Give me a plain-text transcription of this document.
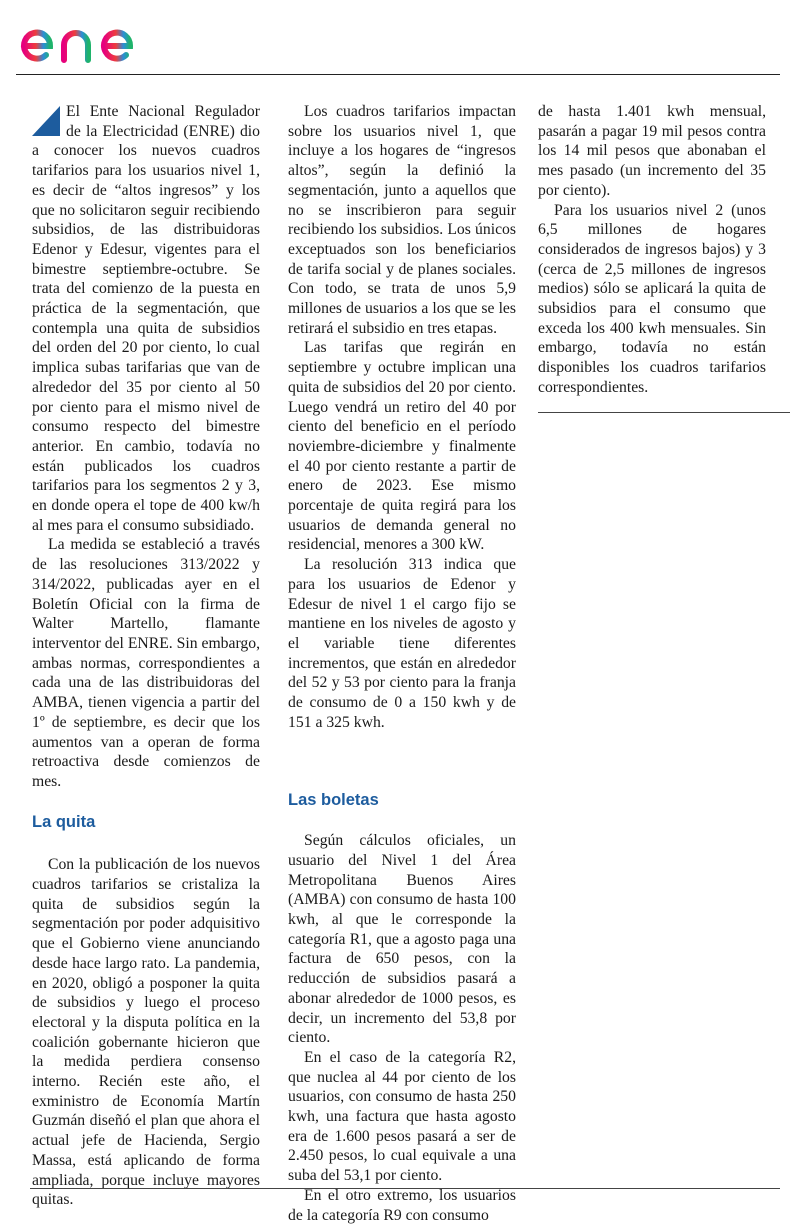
El Ente Nacional Regulador de la Electricidad (ENRE) dio a conocer los nuevos cuadros tarifarios para los usuarios nivel 1, es decir de “altos ingresos” y los que no solicitaron seguir recibiendo subsidios, de las distribuidoras Edenor y Edesur, vigentes para el bimestre septiembre-octubre. Se trata del comienzo de la puesta en práctica de la segmentación, que contempla una quita de subsidios del orden del 20 por ciento, lo cual implica subas tarifarias que van de alrededor del 35 por ciento al 50 por ciento para el mismo nivel de consumo respecto del bimestre anterior. En cambio, todavía no están publicados los cuadros tarifarios para los segmentos 2 y 3, en donde opera el tope de 400 kw/h al mes para el consumo subsidiado.

La medida se estableció a través de las resoluciones 313/2022 y 314/2022, publicadas ayer en el Boletín Oficial con la firma de Walter Martello, flamante interventor del ENRE. Sin embargo, ambas normas, correspondientes a cada una de las distribuidoras del AMBA, tienen vigencia a partir del 1º de septiembre, es decir que los aumentos van a operan de forma retroactiva desde comienzos de mes.

La quita

Con la publicación de los nuevos cuadros tarifarios se cristaliza la quita de subsidios según la segmentación por poder adquisitivo que el Gobierno viene anunciando desde hace largo rato. La pandemia, en 2020, obligó a posponer la quita de subsidios y luego el proceso electoral y la disputa política en la coalición gobernante hicieron que la medida perdiera consenso interno. Recién este año, el exministro de Economía Martín Guzmán diseñó el plan que ahora el actual jefe de Hacienda, Sergio Massa, está aplicando de forma ampliada, porque incluye mayores quitas.

Los cuadros tarifarios impactan sobre los usuarios nivel 1, que incluye a los hogares de “ingresos altos”, según la definió la segmentación, junto a aquellos que no se inscribieron para seguir recibiendo los subsidios. Los únicos exceptuados son los beneficiarios de tarifa social y de planes sociales. Con todo, se trata de unos 5,9 millones de usuarios a los que se les retirará el subsidio en tres etapas.

Las tarifas que regirán en septiembre y octubre implican una quita de subsidios del 20 por ciento. Luego vendrá un retiro del 40 por ciento del beneficio en el período noviembre-diciembre y finalmente el 40 por ciento restante a partir de enero de 2023. Ese mismo porcentaje de quita regirá para los usuarios de demanda general no residencial, menores a 300 kW.

La resolución 313 indica que para los usuarios de Edenor y Edesur de nivel 1 el cargo fijo se mantiene en los niveles de agosto y el variable tiene diferentes incrementos, que están en alrededor del 52 y 53 por ciento para la franja de consumo de 0 a 150 kwh y de 151 a 325 kwh.

Las boletas

Según cálculos oficiales, un usuario del Nivel 1 del Área Metropolitana Buenos Aires (AMBA) con consumo de hasta 100 kwh, al que le corresponde la categoría R1, que a agosto paga una factura de 650 pesos, con la reducción de subsidios pasará a abonar alrededor de 1000 pesos, es decir, un incremento del 53,8 por ciento.

En el caso de la categoría R2, que nuclea al 44 por ciento de los usuarios, con consumo de hasta 250 kwh, una factura que hasta agosto era de 1.600 pesos pasará a ser de 2.450 pesos, lo cual equivale a una suba del 53,1 por ciento.

En el otro extremo, los usuarios de la categoría R9 con consumo

de hasta 1.401 kwh mensual, pasarán a pagar 19 mil pesos contra los 14 mil pesos que abonaban el mes pasado (un incremento del 35 por ciento).

Para los usuarios nivel 2 (unos 6,5 millones de hogares considerados de ingresos bajos) y 3 (cerca de 2,5 millones de ingresos medios) sólo se aplicará la quita de subsidios para el consumo que exceda los 400 kwh mensuales. Sin embargo, todavía no están disponibles los cuadros tarifarios correspondientes.
